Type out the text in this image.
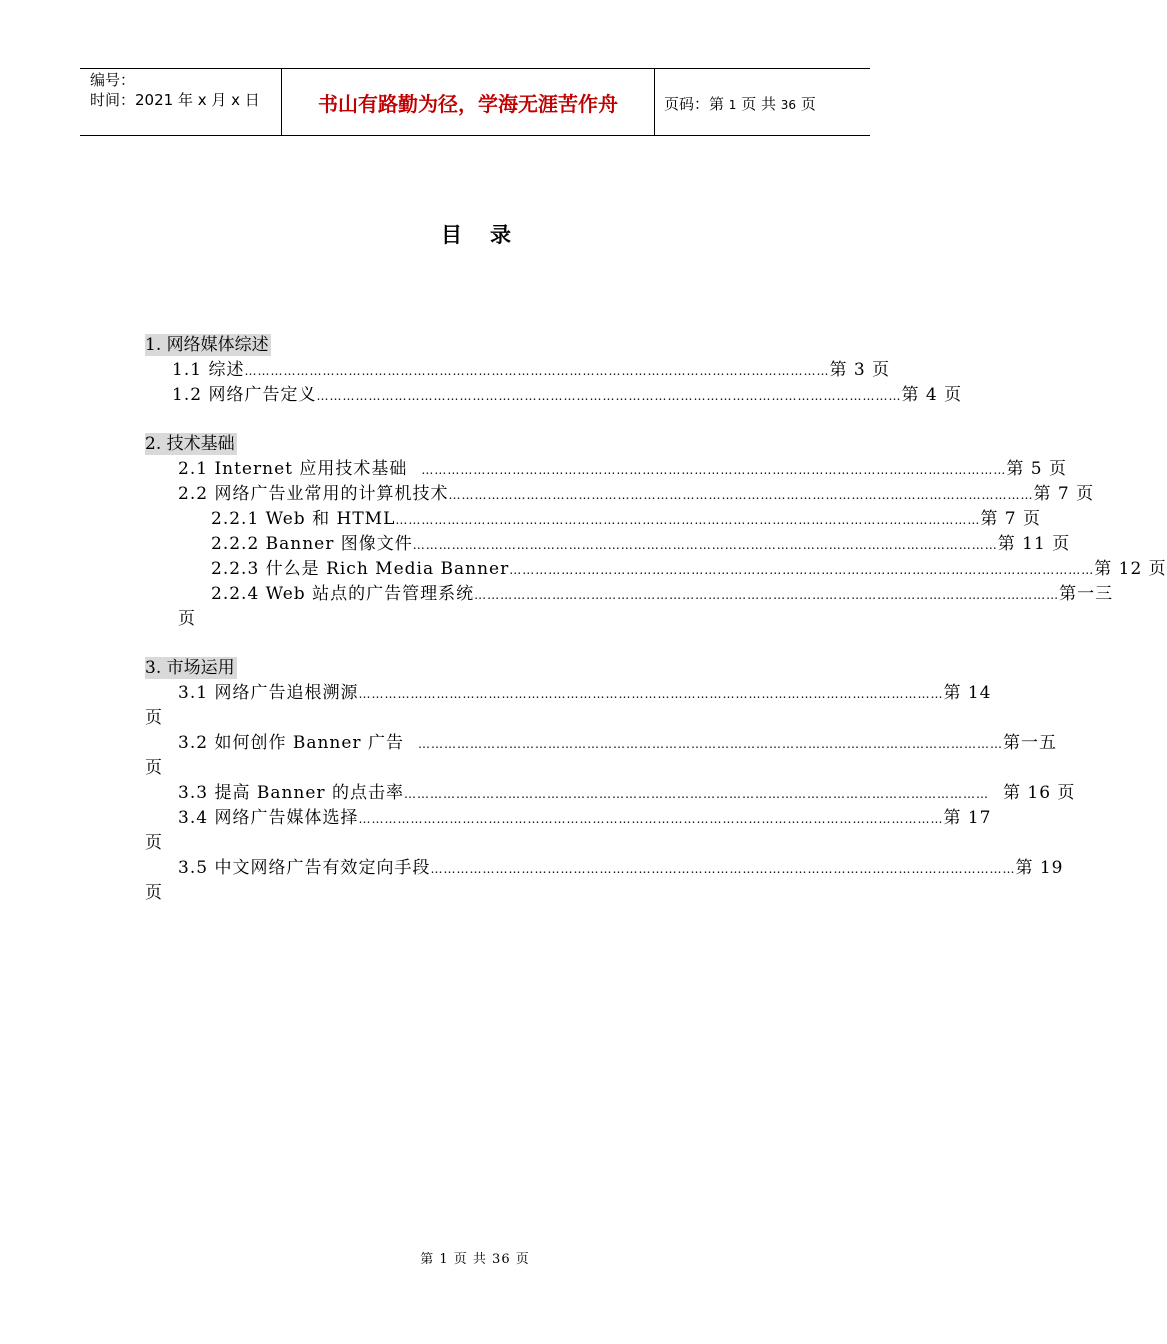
编号：
时间：2021 年 x 月 x 日	书山有路勤为径，学海无涯苦作舟	页码：第 1 页 共 36 页
目录
1. 网络媒体综述
1.1 综述 ……………………………………………………………………………………………………………………… 第 3 页
1.2 网络广告定义 ……………………………………………………………………………………………………………………… 第 4 页
2. 技术基础
2.1 Internet 应用技术基础	……………………………………………………………………………………………………………………… 第 5 页
2.2 网络广告业常用的计算机技术 ……………………………………………………………………………………………………………………… 第 7 页
2.2.1 Web 和 HTML ……………………………………………………………………………………………………………………… 第 7 页
2.2.2 Banner 图像文件 ……………………………………………………………………………………………………………………… 第 11 页
2.2.3 什么是 Rich Media Banner ……………………………………………………………………………………………………………………… 第 12 页
2.2.4 Web 站点的广告管理系统 ……………………………………………………………………………………………………………………… 第一三
页
3. 市场运用
3.1 网络广告追根溯源 ……………………………………………………………………………………………………………………… 第 14
页
3.2 如何创作 Banner 广告	……………………………………………………………………………………………………………………… 第一五
页
3.3 提高 Banner 的点击率 ……………………………………………………………………………………………………………………… 第 16 页
3.4 网络广告媒体选择 ……………………………………………………………………………………………………………………… 第 17
页
3.5 中文网络广告有效定向手段 ……………………………………………………………………………………………………………………… 第 19
页
第 1 页 共 36 页
